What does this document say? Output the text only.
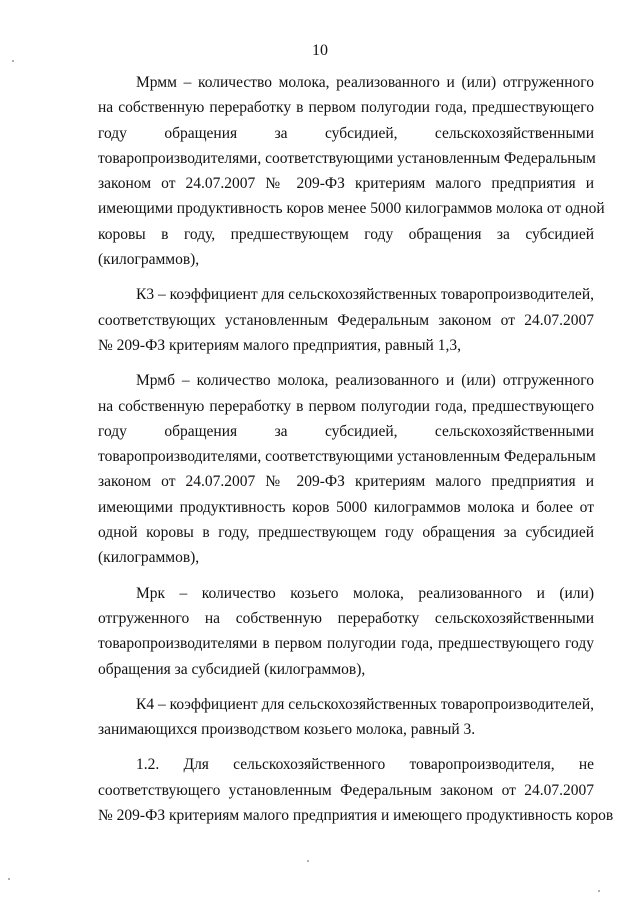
10
Мрмм – количество молока, реализованного и (или) отгруженного
на собственную переработку в первом полугодии года, предшествующего
году обращения за субсидией, сельскохозяйственными
товаропроизводителями, соответствующими установленным Федеральным
законом от 24.07.2007 № 209-ФЗ критериям малого предприятия и
имеющими продуктивность коров менее 5000 килограммов молока от одной
коровы в году, предшествующем году обращения за субсидией
(килограммов),
К3 – коэффициент для сельскохозяйственных товаропроизводителей,
соответствующих установленным Федеральным законом от 24.07.2007
№ 209-ФЗ критериям малого предприятия, равный 1,3,
Мрмб – количество молока, реализованного и (или) отгруженного
на собственную переработку в первом полугодии года, предшествующего
году обращения за субсидией, сельскохозяйственными
товаропроизводителями, соответствующими установленным Федеральным
законом от 24.07.2007 № 209-ФЗ критериям малого предприятия и
имеющими продуктивность коров 5000 килограммов молока и более от
одной коровы в году, предшествующем году обращения за субсидией
(килограммов),
Мрк – количество козьего молока, реализованного и (или)
отгруженного на собственную переработку сельскохозяйственными
товаропроизводителями в первом полугодии года, предшествующего году
обращения за субсидией (килограммов),
К4 – коэффициент для сельскохозяйственных товаропроизводителей,
занимающихся производством козьего молока, равный 3.
1.2. Для сельскохозяйственного товаропроизводителя, не
соответствующего установленным Федеральным законом от 24.07.2007
№ 209-ФЗ критериям малого предприятия и имеющего продуктивность коров
